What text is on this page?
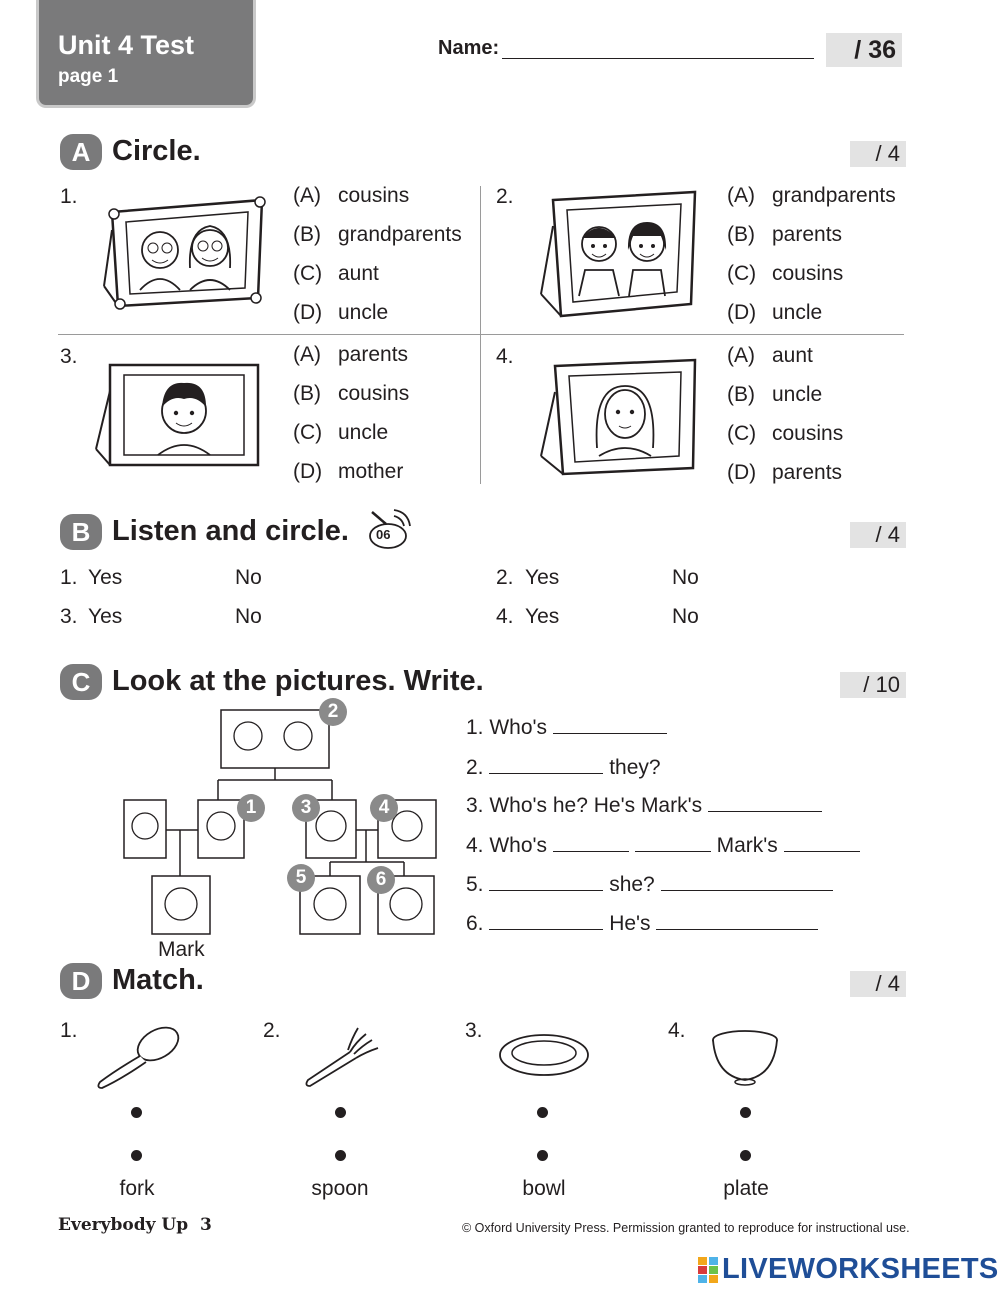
Unit 4 Test
page 1
Name:	/ 36
A Circle.	/ 4
1.	(A) cousins
(B) grandparents
(C) aunt
(D) uncle
2.	(A) grandparents
(B) parents
(C) cousins
(D) uncle
3.	(A) parents
(B) cousins
(C) uncle
(D) mother
4.	(A) aunt
(B) uncle
(C) cousins
(D) parents
B Listen and circle. 06	/ 4
1. Yes	No	2. Yes	No
3. Yes	No	4. Yes	No
C Look at the pictures. Write.	/ 10
Mark
1
2
3	4
5	6
1. Who's
2.	they?
3. Who's he? He's Mark's
4. Who's	Mark's
5.	she?
6.	He's
D Match.	/ 4
1.	2.	3.	4.
fork	spoon	bowl	plate
Everybody Up 3	© Oxford University Press. Permission granted to reproduce for instructional use.
LIVEWORKSHEETS
